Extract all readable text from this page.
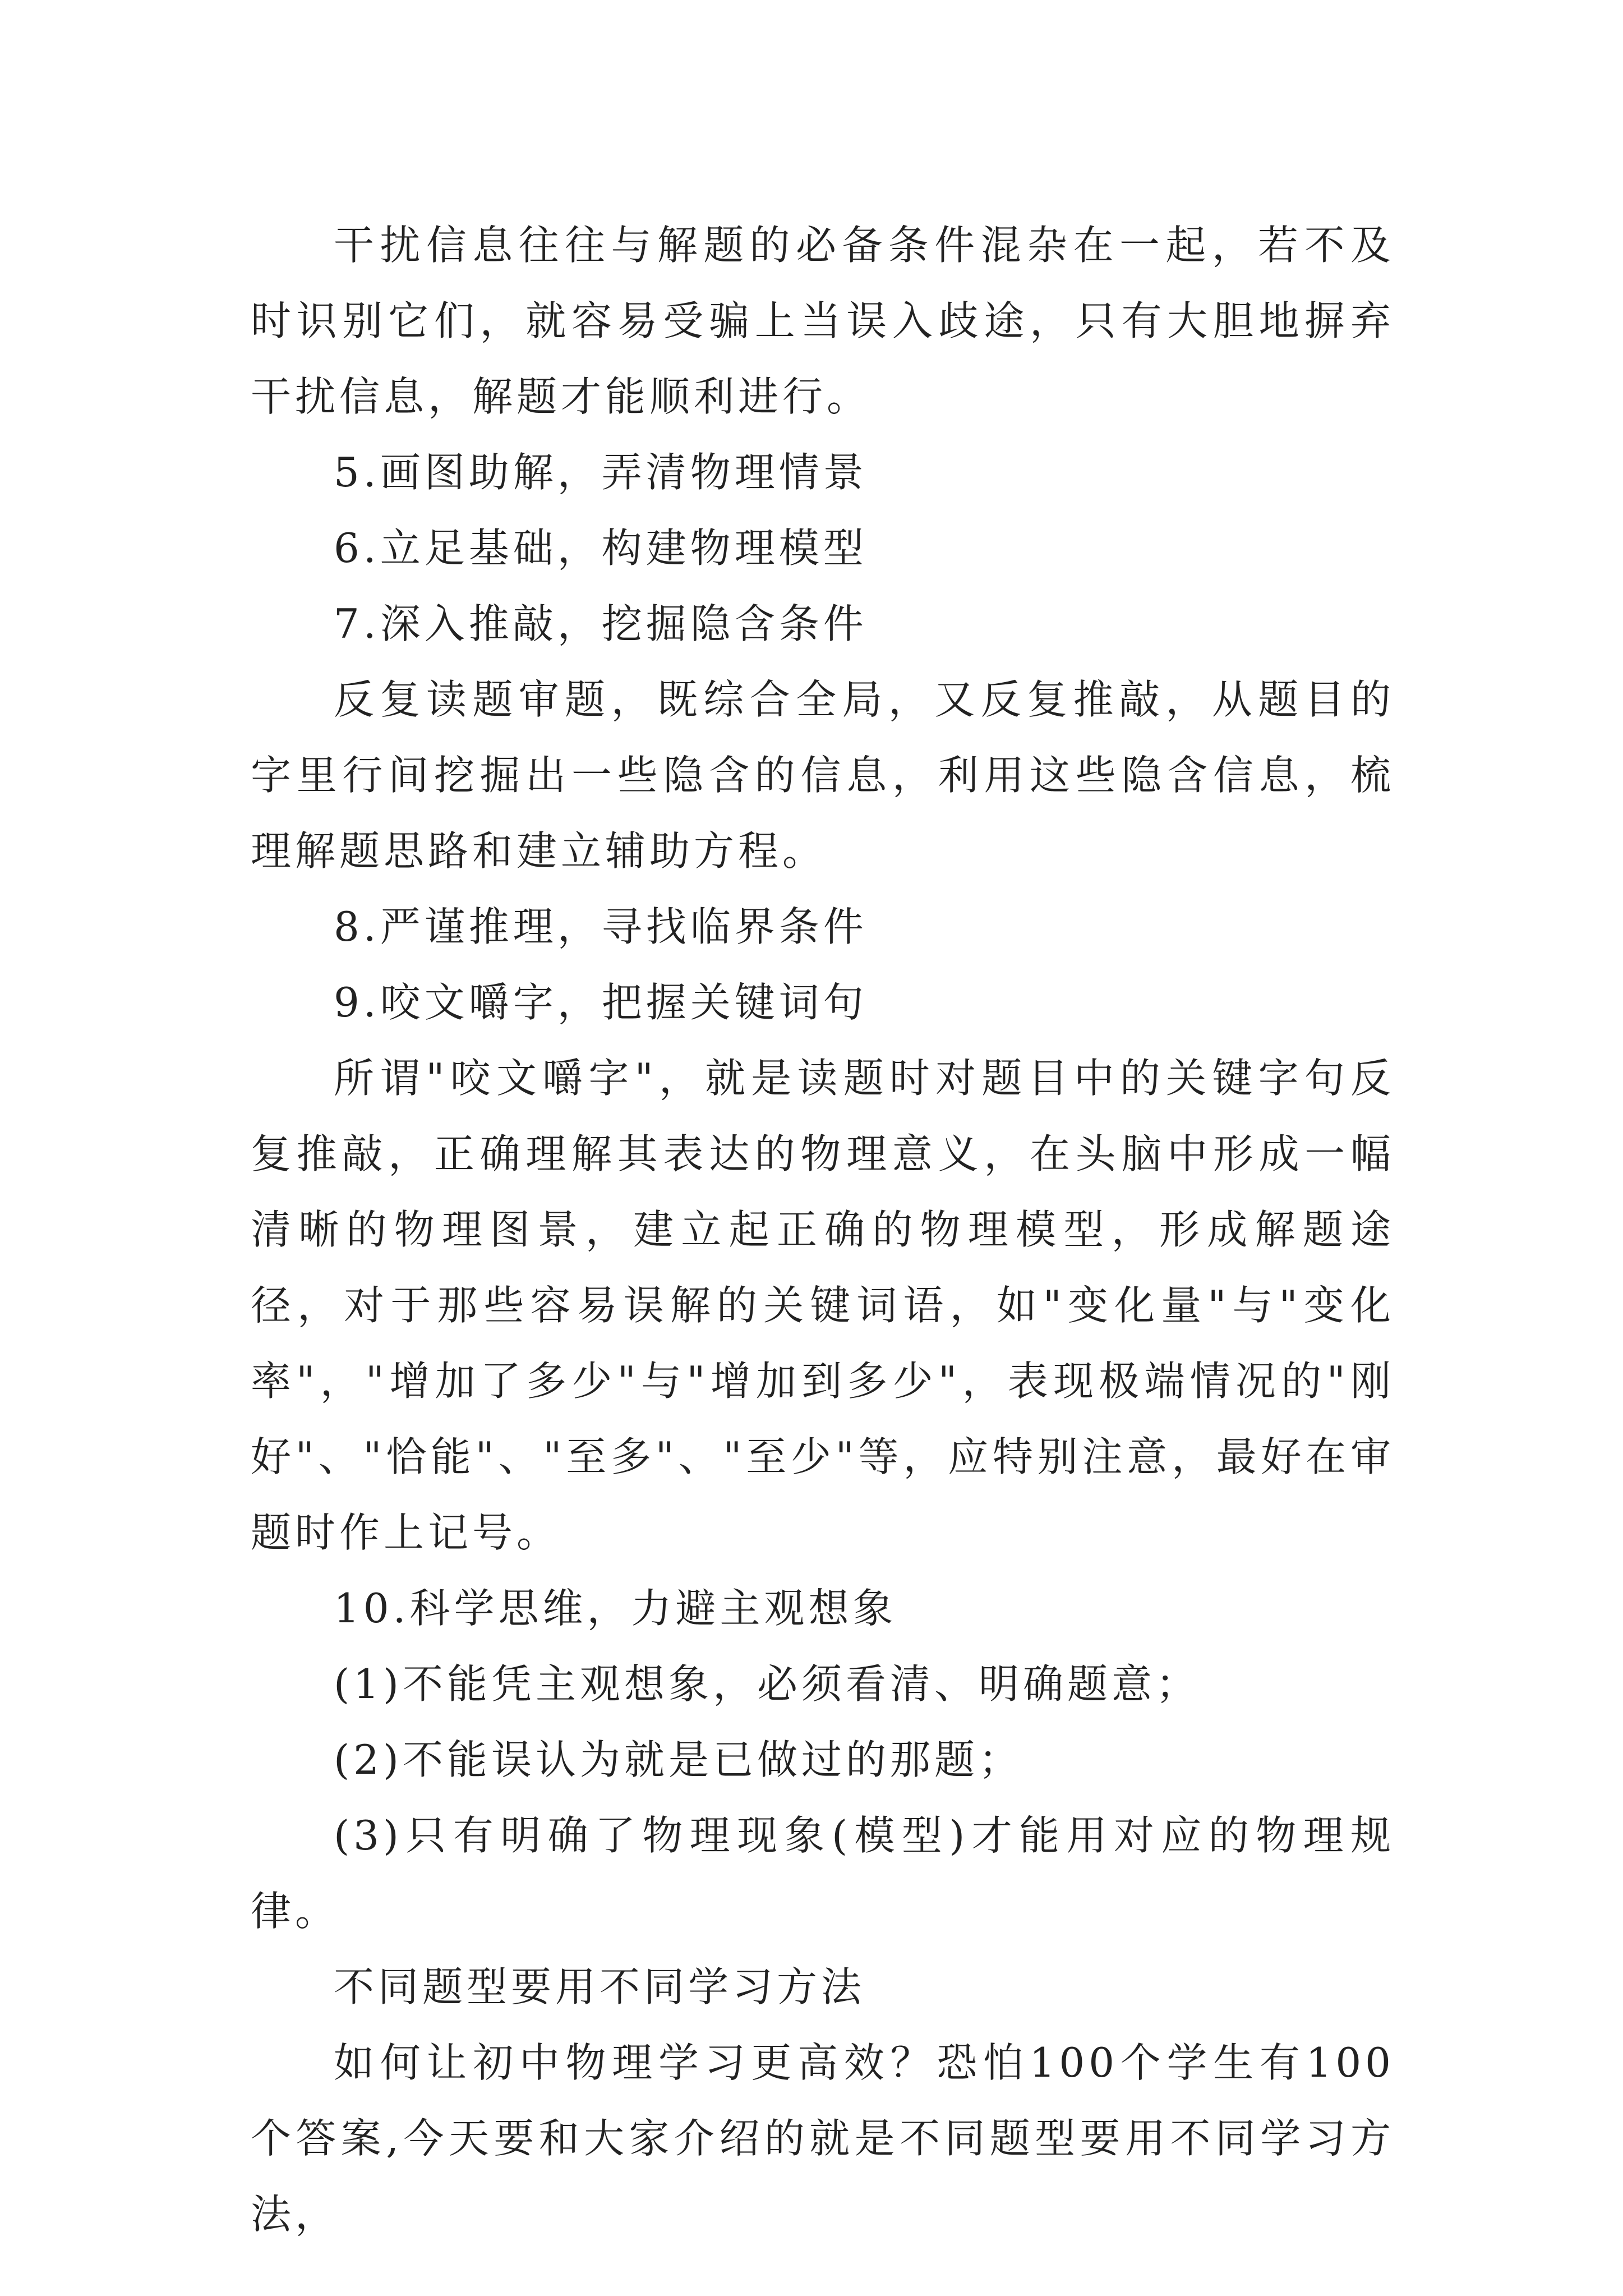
干扰信息往往与解题的必备条件混杂在一起，若不及时识别它们，就容易受骗上当误入歧途，只有大胆地摒弃干扰信息，解题才能顺利进行。

5.画图助解，弄清物理情景

6.立足基础，构建物理模型

7.深入推敲，挖掘隐含条件

反复读题审题，既综合全局，又反复推敲，从题目的字里行间挖掘出一些隐含的信息，利用这些隐含信息，梳理解题思路和建立辅助方程。

8.严谨推理，寻找临界条件

9.咬文嚼字，把握关键词句

所谓"咬文嚼字"，就是读题时对题目中的关键字句反复推敲，正确理解其表达的物理意义，在头脑中形成一幅清晰的物理图景，建立起正确的物理模型，形成解题途径，对于那些容易误解的关键词语，如"变化量"与"变化率"，"增加了多少"与"增加到多少"，表现极端情况的"刚好"、"恰能"、"至多"、"至少"等，应特别注意，最好在审题时作上记号。

10.科学思维，力避主观想象

(1)不能凭主观想象，必须看清、明确题意；

(2)不能误认为就是已做过的那题；

(3)只有明确了物理现象(模型)才能用对应的物理规律。

不同题型要用不同学习方法

如何让初中物理学习更高效？恐怕100个学生有100个答案,今天要和大家介绍的就是不同题型要用不同学习方法，
